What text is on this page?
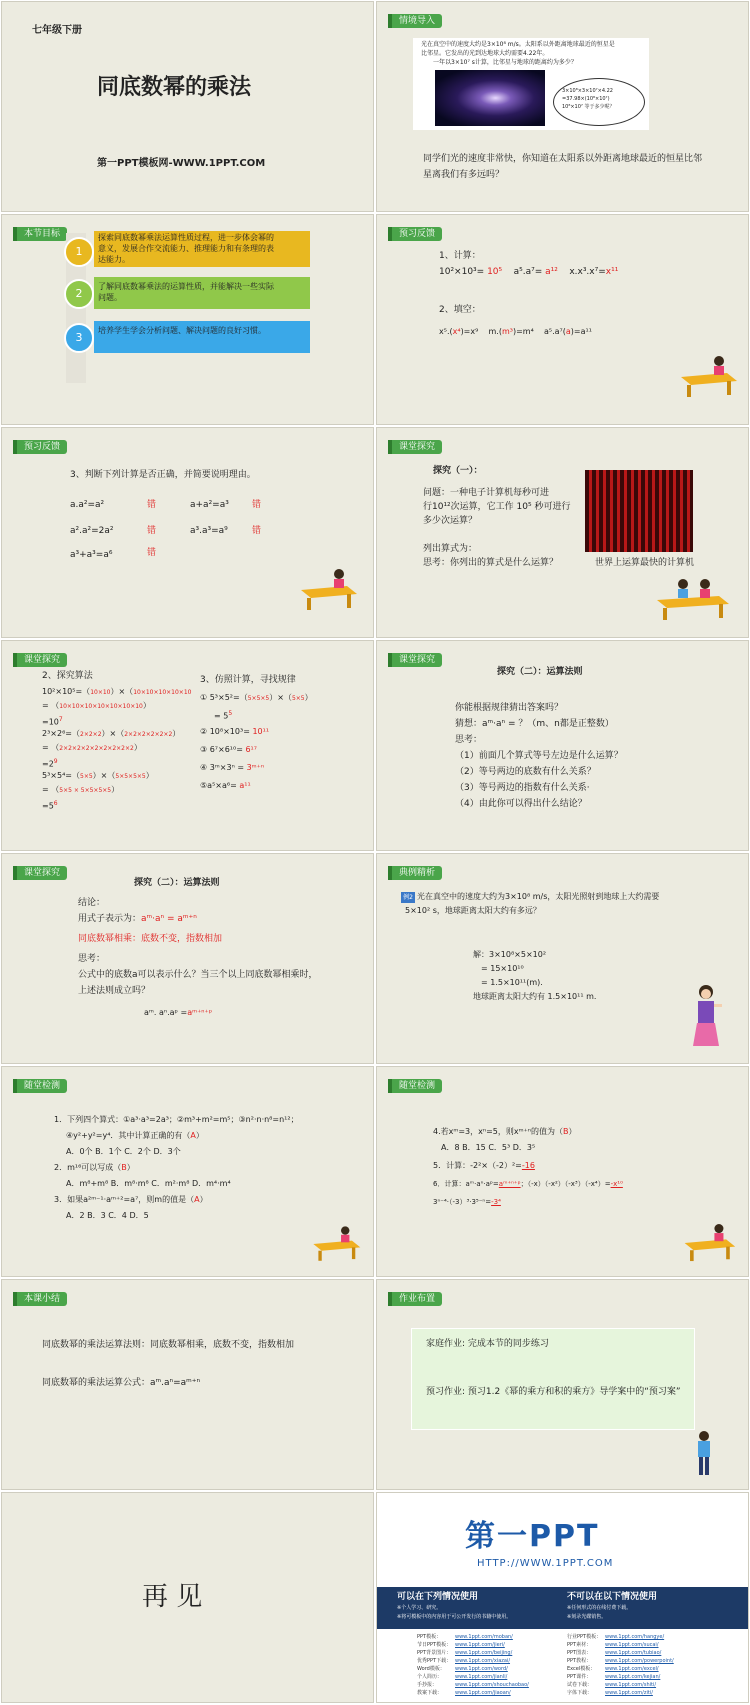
七年级下册
同底数幂的乘法
第一PPT模板网-WWW.1PPT.COM
情境导入
光在真空中的速度大约是3×10⁸ m/s。太阳系以外距离地球最近的恒星是
比邻星。它发出的光到达地球大约需要4.22年。
一年以3×10⁷ s计算，比邻星与地球的距离约为多少？
3×10⁸×3×10⁷×4.22
=37.98×(10⁸×10⁷)
10⁸×10⁷ 等于多少呢？
同学们光的速度非常快，你知道在太阳系以外距离地球最近的恒星比邻
星离我们有多远吗？
本节目标
1
探索同底数幂乘法运算性质过程，进一步体会幂的
意义，发展合作交流能力、推理能力和有条理的表
达能力。
2
了解同底数幂乘法的运算性质，并能解决一些实际
问题。
3
培养学生学会分析问题、解决问题的良好习惯。
预习反馈
1、计算：
10²×10³= 10⁵ a⁵.a⁷= a¹² x.x³.x⁷=x¹¹
2、填空：
x⁵.(x⁴)=x⁹ m.(m³)=m⁴ a⁵.a⁷(a)=a¹¹
预习反馈
3、判断下列计算是否正确，并简要说明理由。
a.a²=a²	错	a+a²=a³	错
a².a²=2a²	错	a³.a³=a⁹	错
a³+a³=a⁶	错
课堂探究
探究（一）：
问题：一种电子计算机每秒可进
行10¹²次运算，它工作 10⁵ 秒可进行
多少次运算？
列出算式为：
思考：你列出的算式是什么运算？	世界上运算最快的计算机
课堂探究
2、探究算法
10²×10⁵=（10×10）×（10×10×10×10×10
= （10×10×10×10×10×10×10）
$=10^7$
2³×2⁶=（2×2×2）×（2×2×2×2×2×2）
= （2×2×2×2×2×2×2×2×2）
$=2^9$
5³×5⁴=（5×5）×（5×5×5×5）
= （5×5 × 5×5×5×5）
$=5^6$
3、仿照计算，寻找规律
① 5³×5²=（5×5×5）×（5×5）
= $5^5$
② 10⁸×10³= 10¹¹
③ 6⁷×6¹⁰= 6¹⁷
④ 3ᵐ×3ⁿ = 3ᵐ⁺ⁿ
⑤a⁵×a⁶= a¹¹
课堂探究
探究（二）：运算法则
你能根据规律猜出答案吗？
猜想：aᵐ·aⁿ = ？（m、n都是正整数）
思考：
（1）前面几个算式等号左边是什么运算？
（2）等号两边的底数有什么关系？
（3）等号两边的指数有什么关系·
（4）由此你可以得出什么结论？
课堂探究
探究（二）：运算法则
结论：
用式子表示为：aᵐ·aⁿ = aᵐ⁺ⁿ
同底数幂相乘：底数不变，指数相加
思考：
公式中的底数a可以表示什么？当三个以上同底数幂相乘时，
上述法则成立吗？
aᵐ. aⁿ.aᵖ =aᵐ⁺ⁿ⁺ᵖ
典例精析
例2 光在真空中的速度大约为3×10⁸ m/s，太阳光照射到地球上大约需要
5×10² s，地球距离太阳大约有多远？
解：3×10⁸×5×10²
= 15×10¹⁰
= 1.5×10¹¹(m).
地球距离太阳大约有 1.5×10¹¹ m.
随堂检测
1．下列四个算式：①a³·a³=2a³；②m³+m²=m⁵；③n²·n·n⁸=n¹²；
④y²+y²=y⁴．其中计算正确的有（A）
A．0个 B．1个 C．2个 D．3个
2．m¹⁶可以写成（B）
A．m⁸+m⁸ B．m⁸·m⁸ C．m²·m⁸ D．m⁴·m⁴
3．如果a²ᵐ⁻¹·aᵐ⁺²=a⁷，则m的值是（A）
A．2 B．3 C．4 D．5
随堂检测
4.若xᵐ=3，xⁿ=5，则xᵐ⁺ⁿ的值为（B）
A．8 B．15 C．5³ D．3⁵
5．计算：-2²×（-2）²=-16
6．计算：aᵐ·aⁿ·aᵖ=aᵐ⁺ⁿ⁺ᵖ；（-x）（-x²）（-x³）（-x⁴）=-x¹⁰
3ⁿ⁻⁴·（-3）³·3⁵⁻ⁿ=-3⁴
本课小结
同底数幂的乘法运算法则：同底数幂相乘，底数不变，指数相加
同底数幂的乘法运算公式：aᵐ.aⁿ=aᵐ⁺ⁿ
作业布置
家庭作业: 完成本节的同步练习
预习作业: 预习1.2《幂的乘方和积的乘方》导学案中的“预习案”
再 见
第一PPT
HTTP://WWW.1PPT.COM
可以在下列情况使用
※个人学习、研究。
※将可模板中的内容用于可公开发行的书籍中使用。
不可以在以下情况使用
※任何形式的在线付费下载。
※刻录光碟销售。
PPT模板：	www.1ppt.com/moban/
节日PPT模板： www.1ppt.com/jieri/
PPT背景图片： www.1ppt.com/beijing/
优秀PPT下载： www.1ppt.com/xiazai/
Word模板： www.1ppt.com/word/
个人简历：	www.1ppt.com/jianli/
手抄报：	www.1ppt.com/shouchaobao/
教案下载：	www.1ppt.com/jiaoan/
行业PPT模板： www.1ppt.com/hangye/
PPT素材：	www.1ppt.com/sucai/
PPT图表：	www.1ppt.com/tubiao/
PPT教程：	www.1ppt.com/powerpoint/
Excel模板： www.1ppt.com/excel/
PPT课件：	www.1ppt.com/kejian/
试卷下载：	www.1ppt.com/shiti/
字体下载：	www.1ppt.com/ziti/
